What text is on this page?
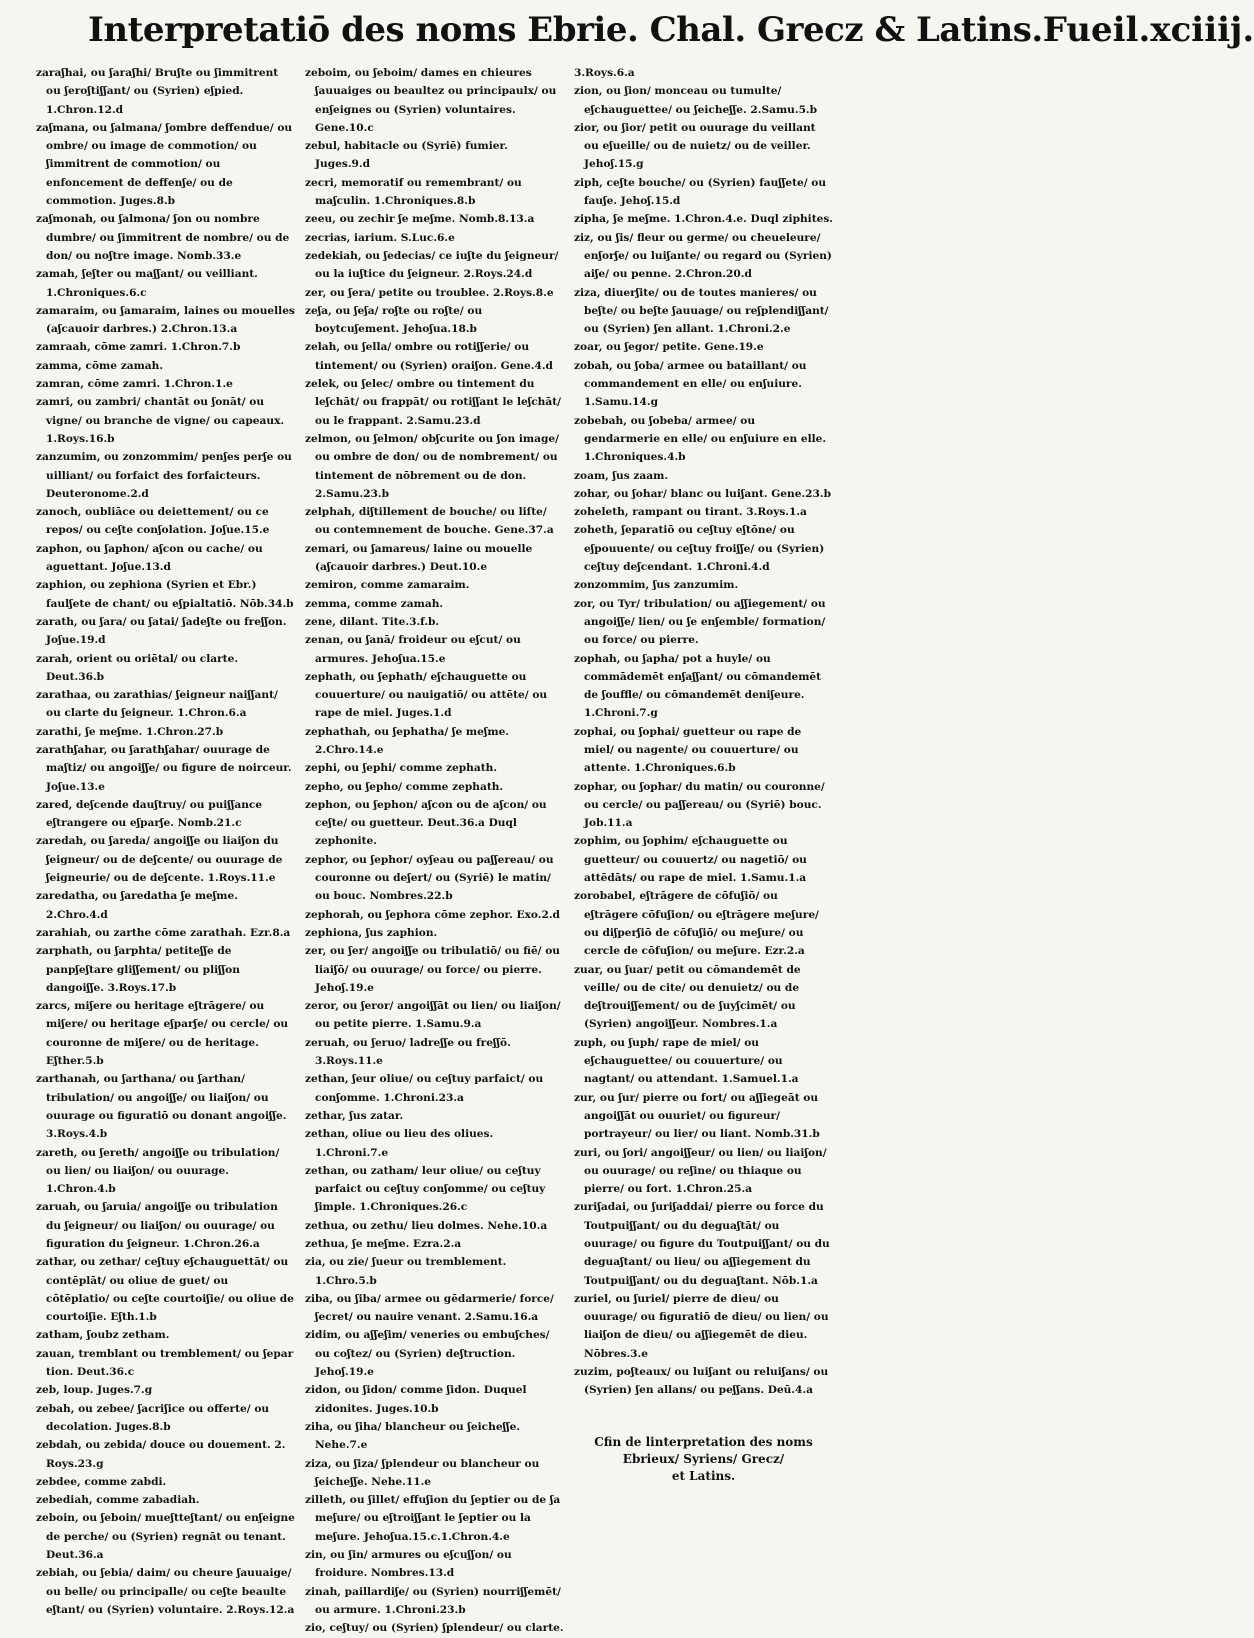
Interpretatiō des noms Ebrie. Chal. Grecz & Latins. Fueil.xciiij.
zaraʃhai, ou ʃaraʃhi/ Bruʃte ou ʃimmitrent ou ʃeroʃtiʃʃant/ ou (Syrien) eʃpied. 1.Chron.12.d
zaʃmana, ou ʃalmana/ ʃombre deffendue/ ou ombre/ ou image de commotion/ ou ʃimmitrent de commotion/ ou enfoncement de deffenʃe/ ou de commotion. Juges.8.b
zaʃmonah, ou ʃalmona/ ʃon ou nombre dumbre/ ou ʃimmitrent de nombre/ ou de don/ ou noʃtre image. Nomb.33.e
zamah, ʃeʃter ou maʃʃant/ ou veilliant. 1.Chroniques.6.c
zamaraim, ou ʃamaraim, laines ou mouelles (aʃcauoir darbres.) 2.Chron.13.a
zamraah, cōme zamri. 1.Chron.7.b
zamma, cōme zamah.
zamran, cōme zamri. 1.Chron.1.e
zamri, ou zambri/ chantāt ou ʃonāt/ ou vigne/ ou branche de vigne/ ou capeaux. 1.Roys.16.b
zanzumim, ou zonzommim/ penʃes perʃe ou uilliant/ ou forfaict des forfaicteurs. Deuteronome.2.d
zanoch, oubliāce ou deiettement/ ou ce repos/ ou ceʃte conʃolation. Joʃue.15.e
zaphon, ou ʃaphon/ aʃcon ou cache/ ou aguettant. Joʃue.13.d
zaphion, ou zephiona (Syrien et Ebr.) faulʃete de chant/ ou eʃpialtatiō. Nōb.34.b
zarath, ou ʃara/ ou ʃatai/ ʃadeʃte ou freʃʃon. Joʃue.19.d
zarah, orient ou oriētal/ ou clarte. Deut.36.b
zarathaa, ou zarathias/ ʃeigneur naiʃʃant/ ou clarte du ʃeigneur. 1.Chron.6.a
zarathi, ʃe meʃme. 1.Chron.27.b
zarathʃahar, ou ʃarathʃahar/ ouurage de maʃtiz/ ou angoiʃʃe/ ou figure de noirceur. Joʃue.13.e
zared, deʃcende dauʃtruy/ ou puiʃʃance eʃtrangere ou eʃparʃe. Nomb.21.c
zaredah, ou ʃareda/ angoiʃʃe ou liaiʃon du ʃeigneur/ ou de deʃcente/ ou ouurage de ʃeigneurie/ ou de deʃcente. 1.Roys.11.e
zaredatha, ou ʃaredatha ʃe meʃme. 2.Chro.4.d
zarahiah, ou zarthe cōme zarathah. Ezr.8.a
zarphath, ou ʃarphta/ petiteʃʃe de panpʃeʃtare gliʃʃement/ ou pliʃʃon dangoiʃʃe. 3.Roys.17.b
zarcs, miʃere ou heritage eʃtrāgere/ ou miʃere/ ou heritage eʃparʃe/ ou cercle/ ou couronne de miʃere/ ou de heritage. Eʃther.5.b
zarthanah, ou ʃarthana/ ou ʃarthan/ tribulation/ ou angoiʃʃe/ ou liaiʃon/ ou ouurage ou figuratiō ou donant angoiʃʃe. 3.Roys.4.b
zareth, ou ʃereth/ angoiʃʃe ou tribulation/ ou lien/ ou liaiʃon/ ou ouurage. 1.Chron.4.b
zaruah, ou ʃaruia/ angoiʃʃe ou tribulation du ʃeigneur/ ou liaiʃon/ ou ouurage/ ou figuration du ʃeigneur. 1.Chron.26.a
zathar, ou zethar/ ceʃtuy eʃchauguettāt/ ou contēplāt/ ou oliue de guet/ ou cōtēplatio/ ou ceʃte courtoiʃie/ ou oliue de courtoiʃie. Eʃth.1.b
zatham, ʃoubz zetham.
zauan, tremblant ou tremblement/ ou ʃepar tion. Deut.36.c
zeb, loup. Juges.7.g
zebah, ou zebee/ ʃacriʃice ou offerte/ ou decolation. Juges.8.b
zebdah, ou zebida/ douce ou douement. 2. Roys.23.g
zebdee, comme zabdi.
zebediah, comme zabadiah.
zeboin, ou ʃeboin/ mueʃtteʃtant/ ou enʃeigne de perche/ ou (Syrien) regnāt ou tenant. Deut.36.a
zebiah, ou ʃebia/ daim/ ou cheure ʃauuaige/ ou belle/ ou principalle/ ou ceʃte beaulte eʃtant/ ou (Syrien) voluntaire. 2.Roys.12.a
zeboim, ou ʃeboim/ dames en chieures ʃauuaiges ou beaultez ou principaulx/ ou enʃeignes ou (Syrien) voluntaires. Gene.10.c
zebul, habitacle ou (Syriē) fumier. Juges.9.d
zecri, memoratif ou remembrant/ ou maʃculin. 1.Chroniques.8.b
zeeu, ou zechir ʃe meʃme. Nomb.8.13.a
zecrias, iarium. S.Luc.6.e
zedekiah, ou ʃedecias/ ce iuʃte du ʃeigneur/ ou la iuʃtice du ʃeigneur. 2.Roys.24.d
zer, ou ʃera/ petite ou troublee. 2.Roys.8.e
zeʃa, ou ʃeʃa/ roʃte ou roʃte/ ou boytcuʃement. Jehoʃua.18.b
zelah, ou ʃella/ ombre ou rotiʃʃerie/ ou tintement/ ou (Syrien) oraiʃon. Gene.4.d
zelek, ou ʃelec/ ombre ou tintement du leʃchāt/ ou frappāt/ ou rotiʃʃant le leʃchāt/ ou le frappant. 2.Samu.23.d
zelmon, ou ʃelmon/ obʃcurite ou ʃon image/ ou ombre de don/ ou de nombrement/ ou tintement de nōbrement ou de don. 2.Samu.23.b
zelphah, diʃtillement de bouche/ ou liſte/ ou contemnement de bouche. Gene.37.a
zemari, ou ʃamareus/ laine ou mouelle (aʃcauoir darbres.) Deut.10.e
zemiron, comme zamaraim.
zemma, comme zamah.
zene, dilant. Tite.3.f.b.
zenan, ou ʃanā/ froideur ou eʃcut/ ou armures. Jehoʃua.15.e
zephath, ou ʃephath/ eʃchauguette ou couuerture/ ou nauigatiō/ ou attēte/ ou rape de miel. Juges.1.d
zephathah, ou ʃephatha/ ʃe meʃme. 2.Chro.14.e
zephi, ou ʃephi/ comme zephath.
zepho, ou ʃepho/ comme zephath.
zephon, ou ʃephon/ aʃcon ou de aʃcon/ ou ceʃte/ ou guetteur. Deut.36.a Duql zephonite.
zephor, ou ʃephor/ oyʃeau ou paʃʃereau/ ou couronne ou deʃert/ ou (Syriē) le matin/ ou bouc. Nombres.22.b
zephorah, ou ʃephora cōme zephor. Exo.2.d
zephiona, ʃus zaphion.
zer, ou ʃer/ angoiʃʃe ou tribulatiō/ ou fiē/ ou liaiʃō/ ou ouurage/ ou force/ ou pierre. Jehoʃ.19.e
zeror, ou ʃeror/ angoiʃʃāt ou lien/ ou liaiʃon/ ou petite pierre. 1.Samu.9.a
zeruah, ou ʃeruo/ ladreʃʃe ou freʃʃō. 3.Roys.11.e
zethan, ʃeur oliue/ ou ceʃtuy parfaict/ ou conʃomme. 1.Chroni.23.a
zethar, ʃus zatar.
zethan, oliue ou lieu des oliues. 1.Chroni.7.e
zethan, ou zatham/ leur oliue/ ou ceʃtuy parfaict ou ceʃtuy conʃomme/ ou ceʃtuy ʃimple. 1.Chroniques.26.c
zethua, ou zethu/ lieu dolmes. Nehe.10.a
zethua, ʃe meʃme. Ezra.2.a
zia, ou zie/ ʃueur ou tremblement. 1.Chro.5.b
ziba, ou ʃiba/ armee ou gēdarmerie/ force/ ʃecret/ ou nauire venant. 2.Samu.16.a
zidim, ou aʃʃeʃim/ veneries ou embuʃches/ ou coʃtez/ ou (Syrien) deʃtruction. Jehoʃ.19.e
zidon, ou ʃidon/ comme ʃidon. Duquel zidonites. Juges.10.b
ziha, ou ʃiha/ blancheur ou ʃeicheʃʃe. Nehe.7.e
ziza, ou ʃiza/ ʃplendeur ou blancheur ou ʃeicheʃʃe. Nehe.11.e
zilleth, ou ʃillet/ effuʃion du ʃeptier ou de ʃa meʃure/ ou eʃtroiʃʃant le ʃeptier ou la meʃure. Jehoʃua.15.c.1.Chron.4.e
zin, ou ʃin/ armures ou eʃcuʃʃon/ ou froidure. Nombres.13.d
zinah, paillardiʃe/ ou (Syrien) nourriʃʃemēt/ ou armure. 1.Chroni.23.b
zio, ceʃtuy/ ou (Syrien) ʃplendeur/ ou clarte.
3.Roys.6.a
zion, ou ʃion/ monceau ou tumulte/ eʃchauguettee/ ou ʃeicheʃʃe. 2.Samu.5.b
zior, ou ʃior/ petit ou ouurage du veillant ou eʃueille/ ou de nuietz/ ou de veiller. Jehoʃ.15.g
ziph, ceʃte bouche/ ou (Syrien) fauʃʃete/ ou fauʃe. Jehoʃ.15.d
zipha, ʃe meʃme. 1.Chron.4.e. Duql ziphites.
ziz, ou ʃis/ fleur ou germe/ ou cheueleure/ enʃorʃe/ ou luiʃante/ ou regard ou (Syrien) aiʃe/ ou penne. 2.Chron.20.d
ziza, diuerʃite/ ou de toutes manieres/ ou beʃte/ ou beʃte ʃauuage/ ou reʃplendiʃʃant/ ou (Syrien) ʃen allant. 1.Chroni.2.e
zoar, ou ʃegor/ petite. Gene.19.e
zobah, ou ʃoba/ armee ou bataillant/ ou commandement en elle/ ou enʃuiure. 1.Samu.14.g
zobebah, ou ʃobeba/ armee/ ou gendarmerie en elle/ ou enʃuiure en elle. 1.Chroniques.4.b
zoam, ʃus zaam.
zohar, ou ʃohar/ blanc ou luiʃant. Gene.23.b
zoheleth, rampant ou tirant. 3.Roys.1.a
zoheth, ʃeparatiō ou ceʃtuy eʃtōne/ ou eʃpouuente/ ou ceʃtuy froiʃʃe/ ou (Syrien) ceʃtuy deʃcendant. 1.Chroni.4.d
zonzommim, ʃus zanzumim.
zor, ou Tyr/ tribulation/ ou aʃʃiegement/ ou angoiʃʃe/ lien/ ou ʃe enʃemble/ formation/ ou force/ ou pierre.
zophah, ou ʃapha/ pot a huyle/ ou commādemēt enʃaʃʃant/ ou cōmandemēt de ʃouffle/ ou cōmandemēt deniʃeure. 1.Chroni.7.g
zophai, ou ʃophai/ guetteur ou rape de miel/ ou nagente/ ou couuerture/ ou attente. 1.Chroniques.6.b
zophar, ou ʃophar/ du matin/ ou couronne/ ou cercle/ ou paʃʃereau/ ou (Syriē) bouc. Job.11.a
zophim, ou ʃophim/ eʃchauguette ou guetteur/ ou couuertz/ ou nagetiō/ ou attēdāts/ ou rape de miel. 1.Samu.1.a
zorobabel, eʃtrāgere de cōfuʃiō/ ou eʃtrāgere cōfuʃion/ ou eʃtrāgere meʃure/ ou diʃperʃiō de cōfuʃiō/ ou meʃure/ ou cercle de cōfuʃion/ ou meʃure. Ezr.2.a
zuar, ou ʃuar/ petit ou cōmandemēt de veille/ ou de cite/ ou denuietz/ ou de deʃtrouiʃʃement/ ou de ʃuyʃcimēt/ ou (Syrien) angoiʃʃeur. Nombres.1.a
zuph, ou ʃuph/ rape de miel/ ou eʃchauguettee/ ou couuerture/ ou nagtant/ ou attendant. 1.Samuel.1.a
zur, ou ʃur/ pierre ou fort/ ou aʃʃiegeāt ou angoiʃʃāt ou ouuriet/ ou figureur/ portrayeur/ ou lier/ ou liant. Nomb.31.b
zuri, ou ʃori/ angoiʃʃeur/ ou lien/ ou liaiʃon/ ou ouurage/ ou reʃine/ ou thiaque ou pierre/ ou fort. 1.Chron.25.a
zuriʃadai, ou ʃuriʃaddai/ pierre ou force du Toutpuiʃʃant/ ou du deguaʃtāt/ ou ouurage/ ou figure du Toutpuiʃʃant/ ou du deguaʃtant/ ou lieu/ ou aʃʃiegement du Toutpuiʃʃant/ ou du deguaʃtant. Nōb.1.a
zuriel, ou ʃuriel/ pierre de dieu/ ou ouurage/ ou figuratiō de dieu/ ou lien/ ou liaiʃon de dieu/ ou aʃʃiegemēt de dieu. Nōbres.3.e
zuzim, poʃteaux/ ou luiʃant ou reluiʃans/ ou (Syrien) ʃen allans/ ou peʃʃans. Deū.4.a
Cfin de linterpretation des noms
Ebrieux/ Syriens/ Grecz/
et Latins.
